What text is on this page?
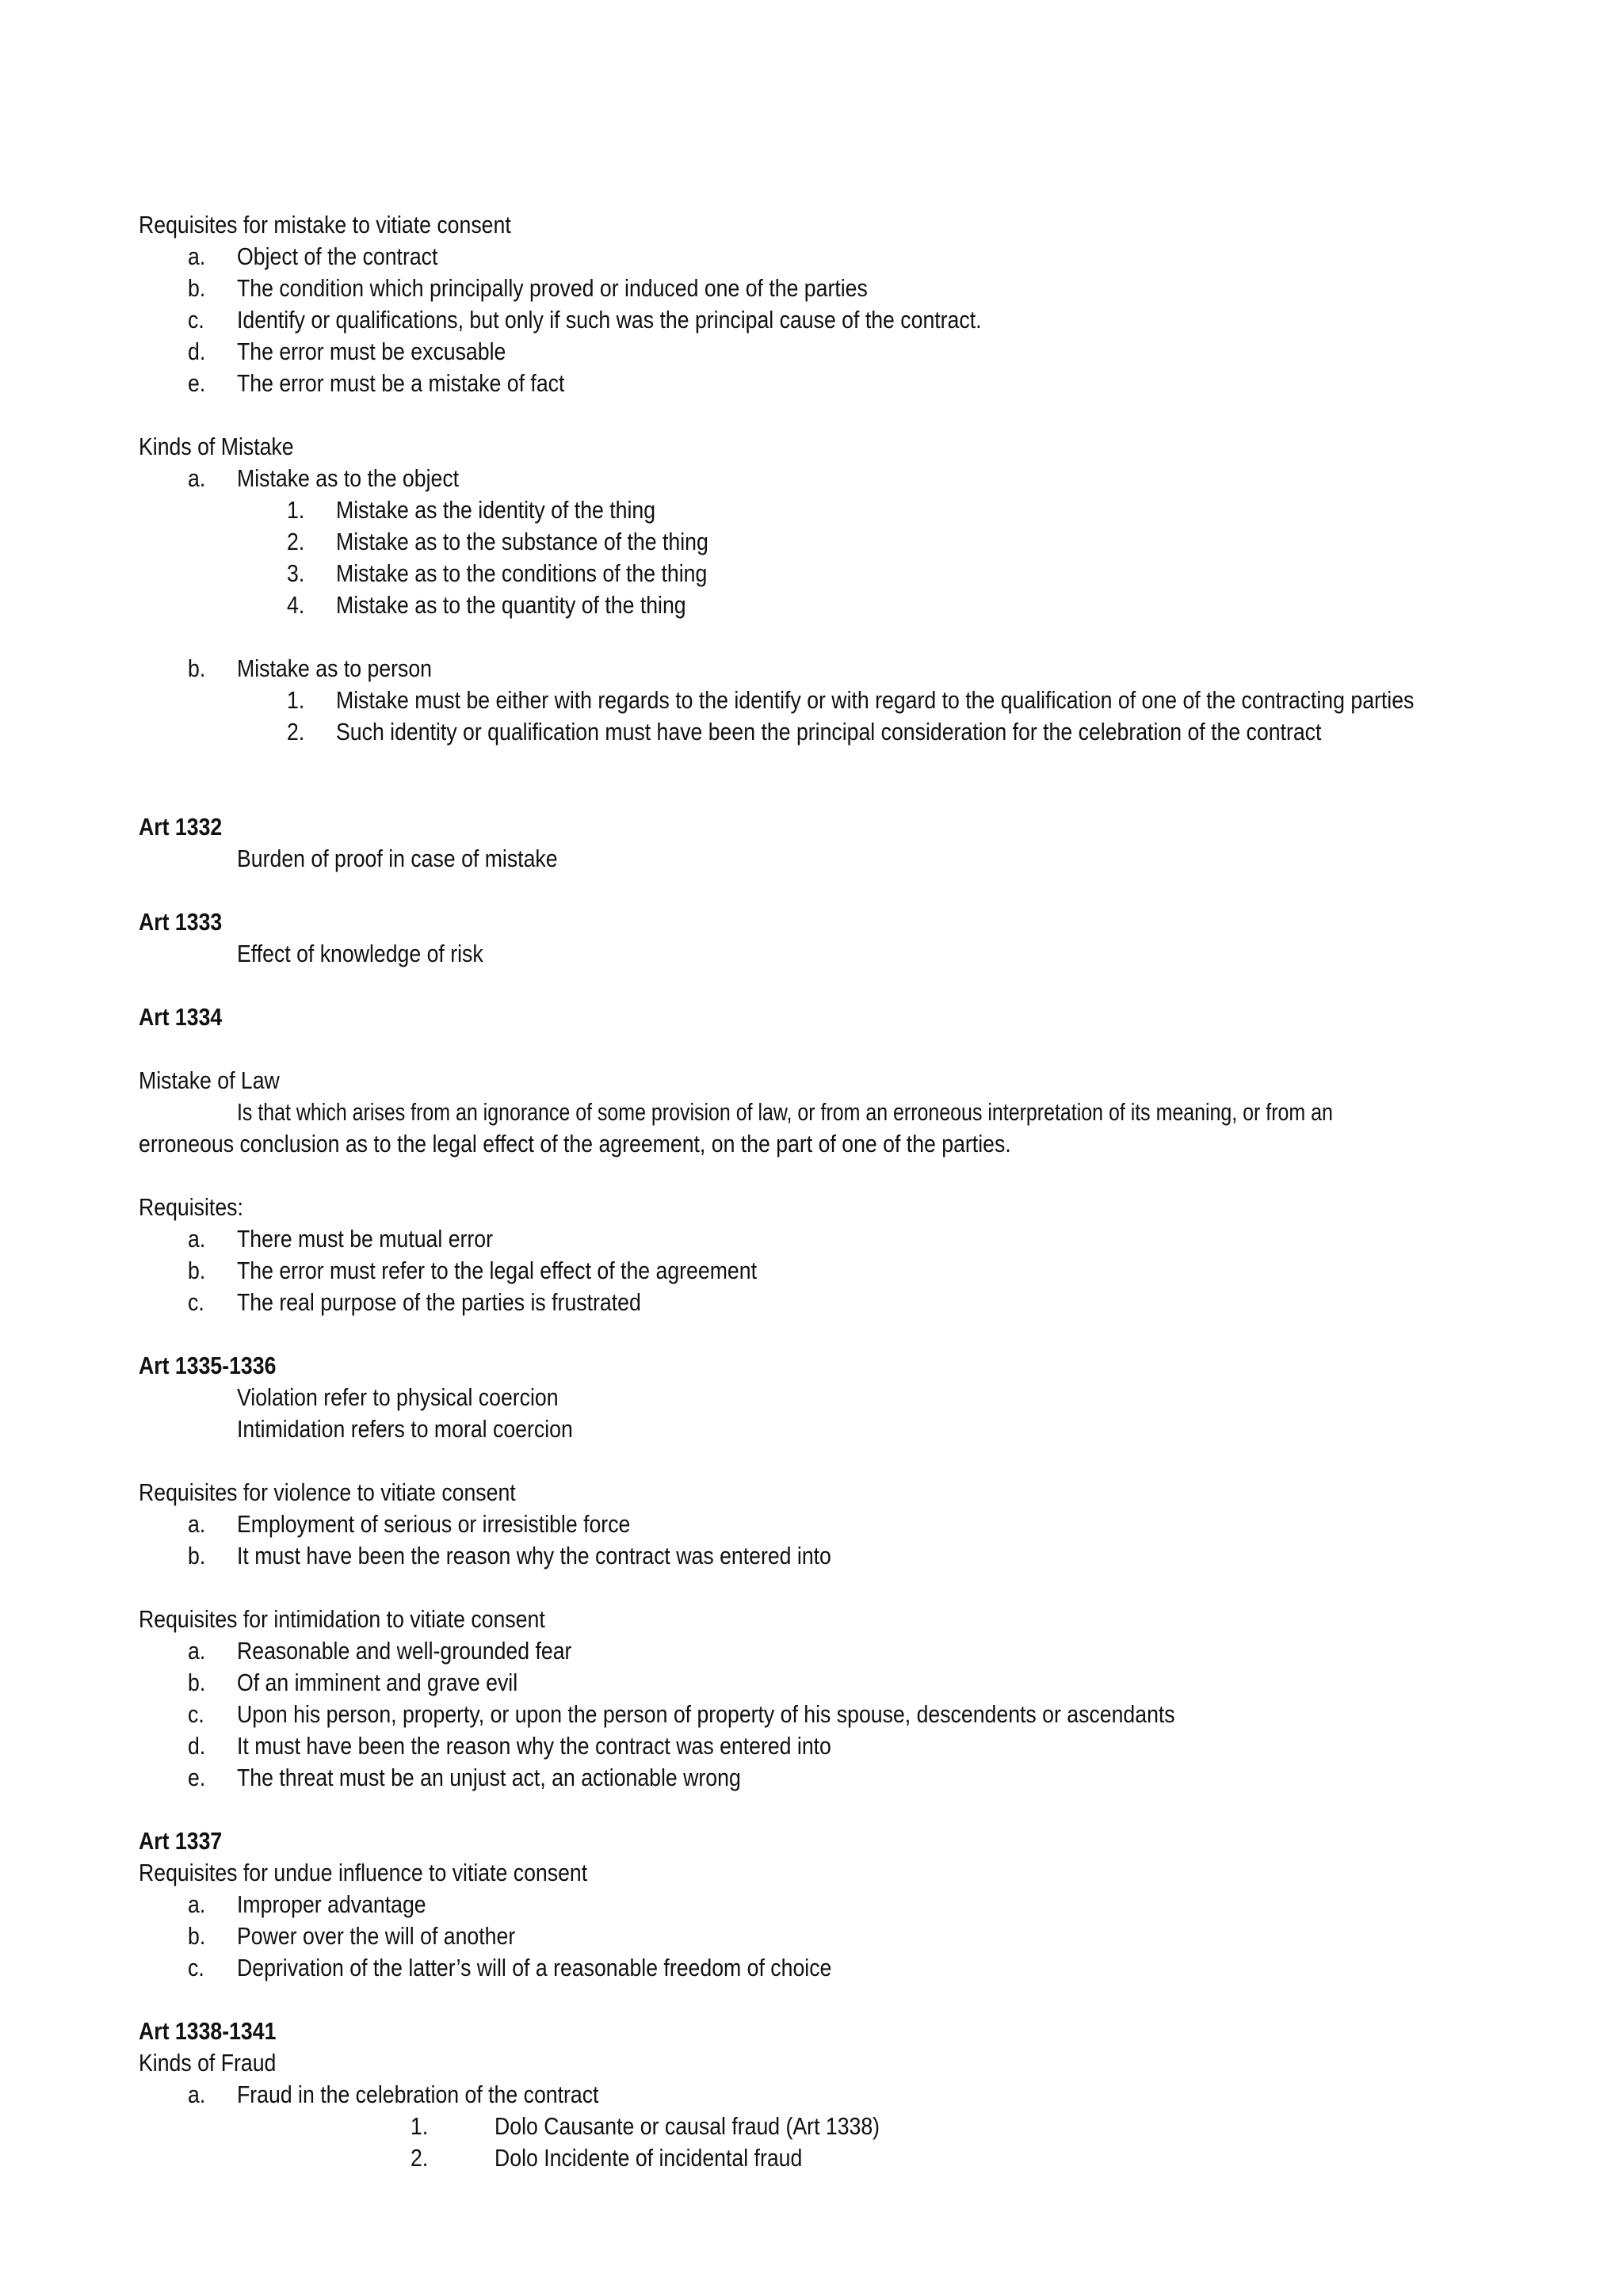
Requisites for mistake to vitiate consent
a. Object of the contract
b. The condition which principally proved or induced one of the parties
c. Identify or qualifications, but only if such was the principal cause of the contract.
d. The error must be excusable
e. The error must be a mistake of fact
Kinds of Mistake
a. Mistake as to the object
1. Mistake as the identity of the thing
2. Mistake as to the substance of the thing
3. Mistake as to the conditions of the thing
4. Mistake as to the quantity of the thing
b. Mistake as to person
1. Mistake must be either with regards to the identify or with regard to the qualification of one of the contracting parties
2. Such identity or qualification must have been the principal consideration for the celebration of the contract
Art 1332
Burden of proof in case of mistake
Art 1333
Effect of knowledge of risk
Art 1334
Mistake of Law
Is that which arises from an ignorance of some provision of law, or from an erroneous interpretation of its meaning, or from an
erroneous conclusion as to the legal effect of the agreement, on the part of one of the parties.
Requisites:
a. There must be mutual error
b. The error must refer to the legal effect of the agreement
c. The real purpose of the parties is frustrated
Art 1335-1336
Violation refer to physical coercion
Intimidation refers to moral coercion
Requisites for violence to vitiate consent
a. Employment of serious or irresistible force
b. It must have been the reason why the contract was entered into
Requisites for intimidation to vitiate consent
a. Reasonable and well-grounded fear
b. Of an imminent and grave evil
c. Upon his person, property, or upon the person of property of his spouse, descendents or ascendants
d. It must have been the reason why the contract was entered into
e. The threat must be an unjust act, an actionable wrong
Art 1337
Requisites for undue influence to vitiate consent
a. Improper advantage
b. Power over the will of another
c. Deprivation of the latter’s will of a reasonable freedom of choice
Art 1338-1341
Kinds of Fraud
a. Fraud in the celebration of the contract
1.	Dolo Causante or causal fraud (Art 1338)
2.	Dolo Incidente of incidental fraud
